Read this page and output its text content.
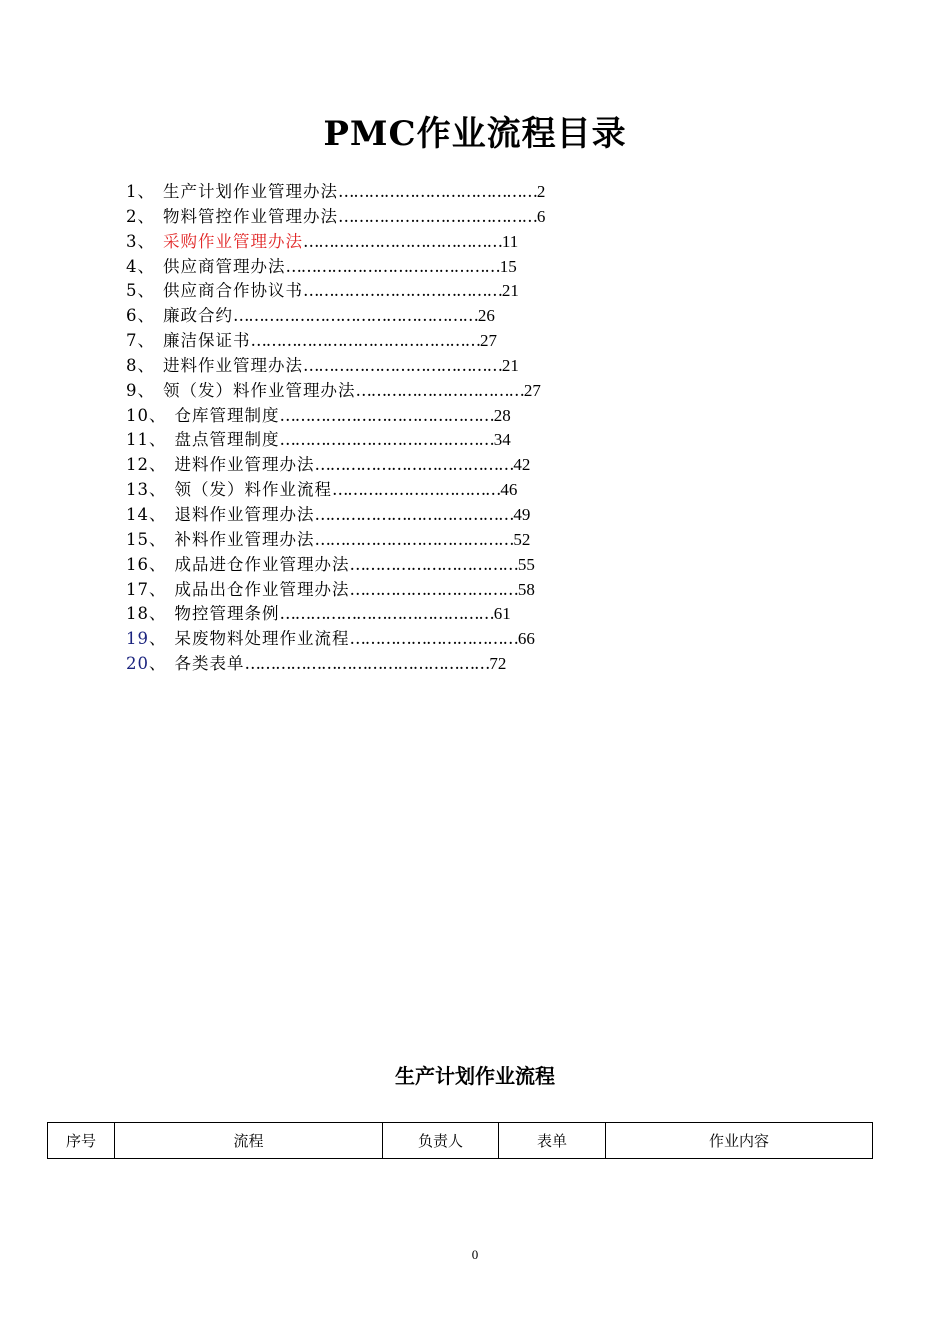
PMC作业流程目录
1、 生产计划作业管理办法…………………………………2
2、 物料管控作业管理办法…………………………………6
3、 采购作业管理办法…………………………………11
4、 供应商管理办法……………………………………15
5、 供应商合作协议书…………………………………21
6、 廉政合约…………………………………………26
7、 廉洁保证书………………………………………27
8、 进料作业管理办法…………………………………21
9、 领（发）料作业管理办法……………………………27
10、 仓库管理制度……………………………………28
11、 盘点管理制度……………………………………34
12、 进料作业管理办法…………………………………42
13、 领（发）料作业流程……………………………46
14、 退料作业管理办法…………………………………49
15、 补料作业管理办法…………………………………52
16、 成品进仓作业管理办法……………………………55
17、 成品出仓作业管理办法……………………………58
18、 物控管理条例……………………………………61
19、 呆废物料处理作业流程……………………………66
20、 各类表单…………………………………………72
生产计划作业流程
序号	流程	负责人	表单	作业内容
0
